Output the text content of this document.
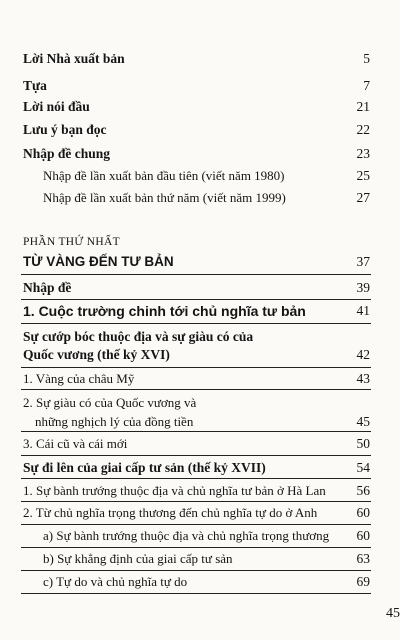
Lời Nhà xuất bản	5
Tựa	7
Lời nói đầu	21
Lưu ý bạn đọc	22
Nhập đề chung	23
Nhập đề lần xuất bản đầu tiên (viết năm 1980)	25
Nhập đề lần xuất bản thứ năm (viết năm 1999)	27
PHẦN THỨ NHẤT
TỪ VÀNG ĐẾN TƯ BẢN	37
Nhập đề	39
1. Cuộc trường chinh tới chủ nghĩa tư bản	41
Sự cướp bóc thuộc địa và sự giàu có của
Quốc vương (thế kỷ XVI)	42
1. Vàng của châu Mỹ	43
2. Sự giàu có của Quốc vương và
những nghịch lý của đồng tiền	45
3. Cái cũ và cái mới	50
Sự đi lên của giai cấp tư sản (thế kỷ XVII)	54
1. Sự bành trướng thuộc địa và chủ nghĩa tư bản ở Hà Lan 56
2. Từ chủ nghĩa trọng thương đến chủ nghĩa tự do ở Anh	60
a) Sự bành trướng thuộc địa và chủ nghĩa trọng thương 60
b) Sự khẳng định của giai cấp tư sản	63
c) Tự do và chủ nghĩa tự do	69
45
